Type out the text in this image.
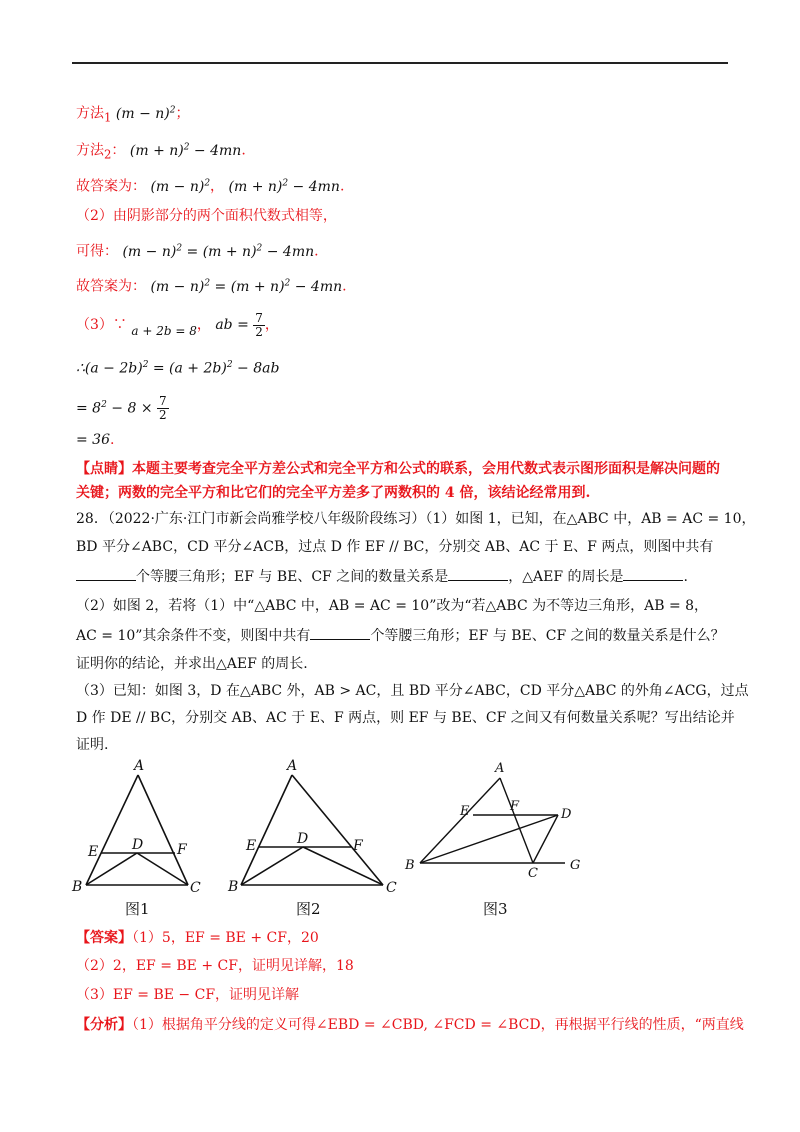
方法$_1$ $(m - n)^2$；
方法$_2$： $(m + n)^2 - 4mn$.
故答案为： $(m - n)^2$， $(m + n)^2 - 4mn$.
（2）由阴影部分的两个面积代数式相等，
可得： $(m - n)^2 = (m + n)^2 - 4mn$.
故答案为： $(m - n)^2 = (m + n)^2 - 4mn$.
（3）∵ a + 2b = 8， ab = $\frac{7}{2}$ ，
∴(a − $2b)^2 = (a + 2b)^2 - 8ab$
= $8^2 - 8 \times \frac{7}{2}$
= 36.
【点睛】本题主要考查完全平方差公式和完全平方和公式的联系，会用代数式表示图形面积是解决问题的
关键；两数的完全平方和比它们的完全平方差多了两数积的 4 倍，该结论经常用到.
28．（2022·广东·江门市新会尚雅学校八年级阶段练习）（1）如图 1，已知，在△ABC 中，AB = AC = 10，
BD 平分∠ABC，CD 平分∠ACB，过点 D 作 EF // BC，分别交 AB、AC 于 E、F 两点，则图中共有
个等腰三角形；EF 与 BE、CF 之间的数量关系是	，△AEF 的周长是	.
（2）如图 2，若将（1）中“△ABC 中，AB = AC = 10”改为“若△ABC 为不等边三角形，AB = 8，
AC = 10”其余条件不变，则图中共有	个等腰三角形；EF 与 BE、CF 之间的数量关系是什么？
证明你的结论，并求出△AEF 的周长.
（3）已知：如图 3，D 在△ABC 外，AB > AC，且 BD 平分∠ABC，CD 平分△ABC 的外角∠ACG，过点
D 作 DE // BC，分别交 AB、AC 于 E、F 两点，则 EF 与 BE、CF 之间又有何数量关系呢？写出结论并
证明.
A
B	C
D
E	F
图1
A
B	C
D
E	F
图2
A
B
C
D
E	F
G
图3
【答案】（1）5，EF = BE + CF，20
（2）2，EF = BE + CF，证明见详解，18
（3）EF = BE − CF，证明见详解
【分析】（1）根据角平分线的定义可得∠EBD = ∠CBD, ∠FCD = ∠BCD，再根据平行线的性质，“两直线
